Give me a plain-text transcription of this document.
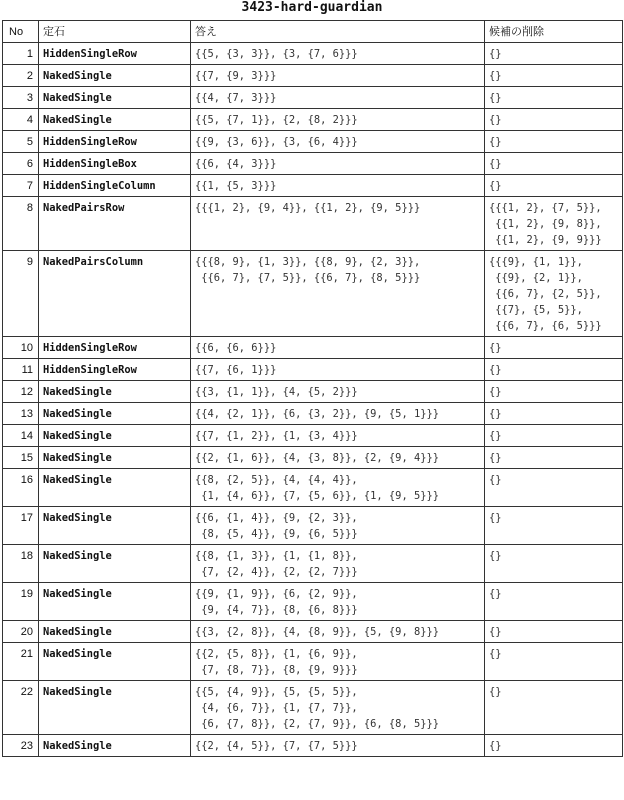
3423-hard-guardian
No	定石	答え	候補の削除
1	HiddenSingleRow	{{5, {3, 3}}, {3, {7, 6}}}	{}
2	NakedSingle	{{7, {9, 3}}}	{}
3	NakedSingle	{{4, {7, 3}}}	{}
4	NakedSingle	{{5, {7, 1}}, {2, {8, 2}}}	{}
5	HiddenSingleRow	{{9, {3, 6}}, {3, {6, 4}}}	{}
6	HiddenSingleBox	{{6, {4, 3}}}	{}
7	HiddenSingleColumn	{{1, {5, 3}}}	{}
8	NakedPairsRow	{{{1, 2}, {9, 4}}, {{1, 2}, {9, 5}}}	{{{1, 2}, {7, 5}},
{{1, 2}, {9, 8}},
{{1, 2}, {9, 9}}}
9	NakedPairsColumn	{{{8, 9}, {1, 3}}, {{8, 9}, {2, 3}},
{{6, 7}, {7, 5}}, {{6, 7}, {8, 5}}}	{{{9}, {1, 1}},
{{9}, {2, 1}},
{{6, 7}, {2, 5}},
{{7}, {5, 5}},
{{6, 7}, {6, 5}}}
10	HiddenSingleRow	{{6, {6, 6}}}	{}
11	HiddenSingleRow	{{7, {6, 1}}}	{}
12	NakedSingle	{{3, {1, 1}}, {4, {5, 2}}}	{}
13	NakedSingle	{{4, {2, 1}}, {6, {3, 2}}, {9, {5, 1}}}	{}
14	NakedSingle	{{7, {1, 2}}, {1, {3, 4}}}	{}
15	NakedSingle	{{2, {1, 6}}, {4, {3, 8}}, {2, {9, 4}}}	{}
16	NakedSingle	{{8, {2, 5}}, {4, {4, 4}},
{1, {4, 6}}, {7, {5, 6}}, {1, {9, 5}}}	{}
17	NakedSingle	{{6, {1, 4}}, {9, {2, 3}},
{8, {5, 4}}, {9, {6, 5}}}	{}
18	NakedSingle	{{8, {1, 3}}, {1, {1, 8}},
{7, {2, 4}}, {2, {2, 7}}}	{}
19	NakedSingle	{{9, {1, 9}}, {6, {2, 9}},
{9, {4, 7}}, {8, {6, 8}}}	{}
20	NakedSingle	{{3, {2, 8}}, {4, {8, 9}}, {5, {9, 8}}}	{}
21	NakedSingle	{{2, {5, 8}}, {1, {6, 9}},
{7, {8, 7}}, {8, {9, 9}}}	{}
22	NakedSingle	{{5, {4, 9}}, {5, {5, 5}},
{4, {6, 7}}, {1, {7, 7}},
{6, {7, 8}}, {2, {7, 9}}, {6, {8, 5}}}	{}
23	NakedSingle	{{2, {4, 5}}, {7, {7, 5}}}	{}
